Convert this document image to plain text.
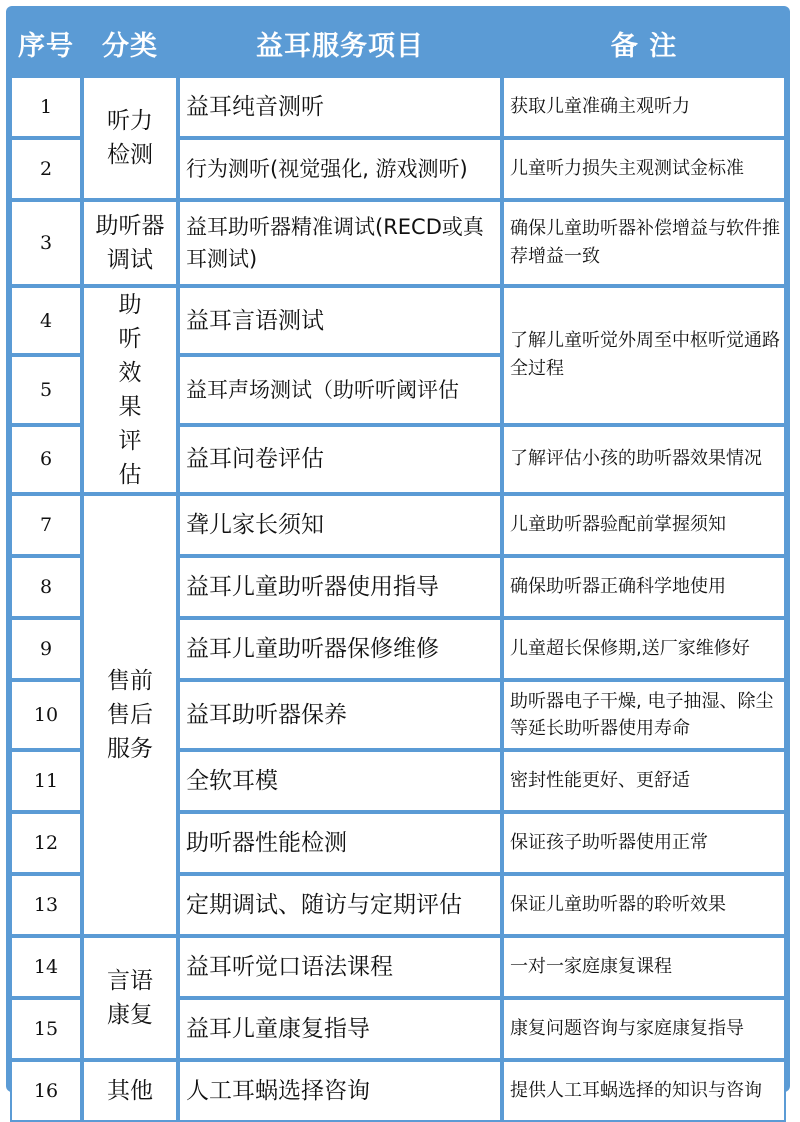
序号	分类	益耳服务项目	备 注
1	听力检测	益耳纯音测听	获取儿童准确主观听力
2		行为测听(视觉强化, 游戏测听)	儿童听力损失主观测试金标准
3	助听器调试	益耳助听器精准调试(RECD或真耳测试)	确保儿童助听器补偿增益与软件推荐增益一致
4	助听效果评估	益耳言语测试	了解儿童听觉外周至中枢听觉通路全过程
5		益耳声场测试（助听听阈评估	
6		益耳问卷评估	了解评估小孩的助听器效果情况
7	售前售后服务	聋儿家长须知	儿童助听器验配前掌握须知
8		益耳儿童助听器使用指导	确保助听器正确科学地使用
9		益耳儿童助听器保修维修	儿童超长保修期,送厂家维修好
10		益耳助听器保养	助听器电子干燥, 电子抽湿、除尘等延长助听器使用寿命
11		全软耳模	密封性能更好、更舒适
12		助听器性能检测	保证孩子助听器使用正常
13		定期调试、随访与定期评估	保证儿童助听器的聆听效果
14	言语康复	益耳听觉口语法课程	一对一家庭康复课程
15		益耳儿童康复指导	康复问题咨询与家庭康复指导
16	其他	人工耳蜗选择咨询	提供人工耳蜗选择的知识与咨询
